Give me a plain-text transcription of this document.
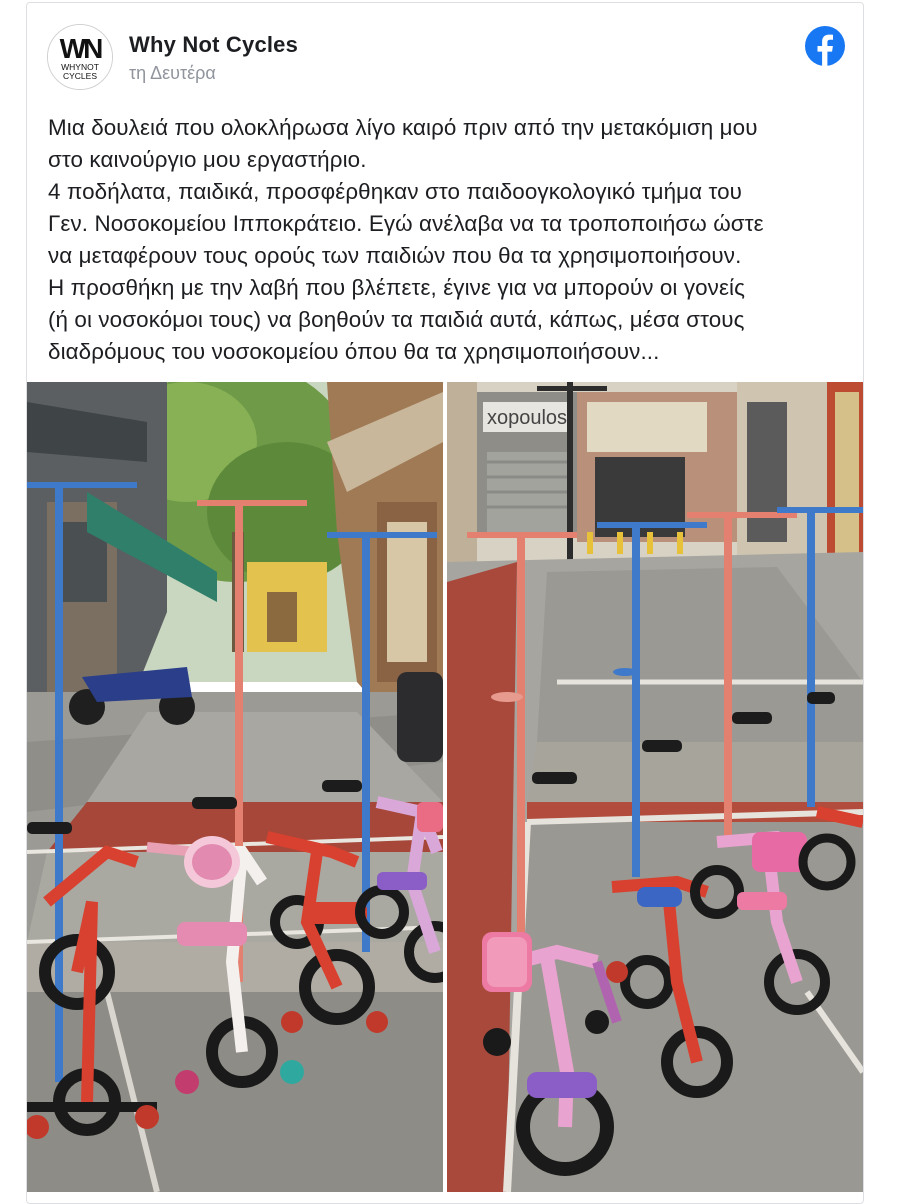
WN
WHYNOT
CYCLES
Why Not Cycles
τη Δευτέρα
Μια δουλειά που ολοκλήρωσα λίγο καιρό πριν από την μετακόμιση μου
στο καινούργιο μου εργαστήριο.
4 ποδήλατα, παιδικά, προσφέρθηκαν στο παιδοογκολογικό τμήμα του
Γεν. Νοσοκομείου Ιπποκράτειο. Εγώ ανέλαβα να τα τροποποιήσω ώστε
να μεταφέρουν τους ορούς των παιδιών που θα τα χρησιμοποιήσουν.
Η προσθήκη με την λαβή που βλέπετε, έγινε για να μπορούν οι γονείς
(ή οι νοσοκόμοι τους) να βοηθούν τα παιδιά αυτά, κάπως, μέσα στους
διαδρόμους του νοσοκομείου όπου θα τα χρησιμοποιήσουν...
xopoulos
